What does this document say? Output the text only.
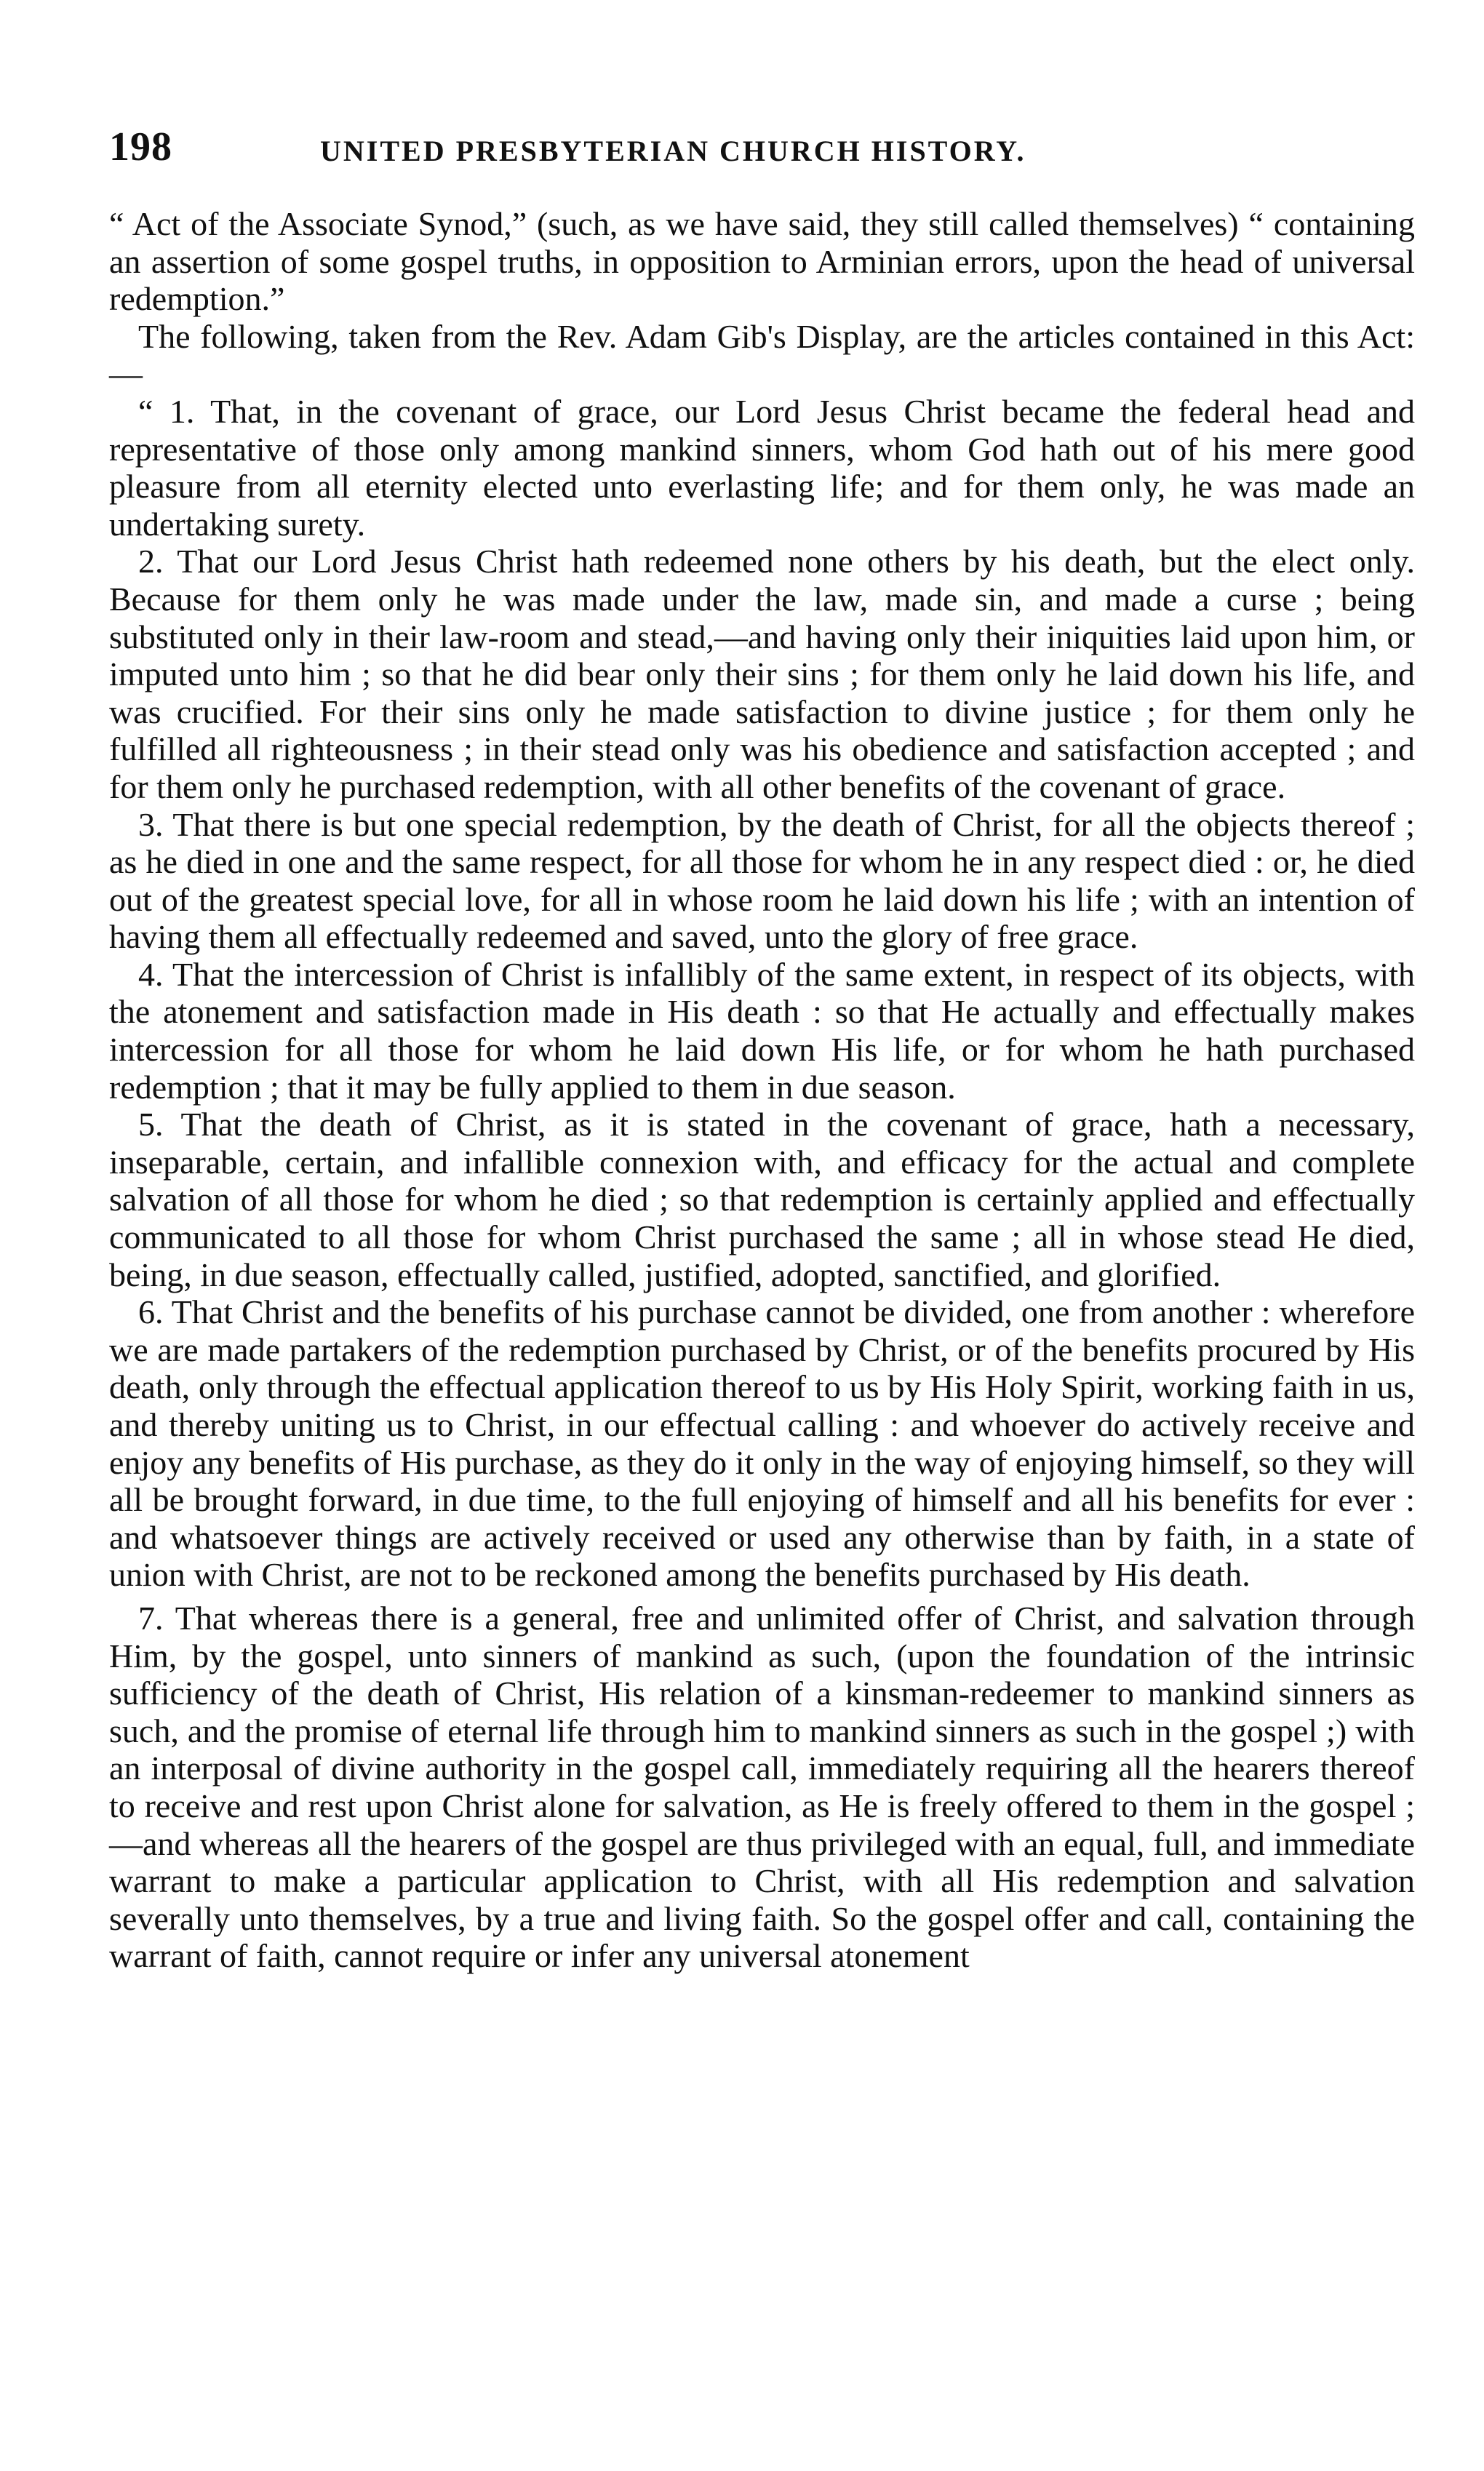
198	UNITED PRESBYTERIAN CHURCH HISTORY.

“ Act of the Associate Synod,” (such, as we have said, they still called themselves) “ containing an assertion of some gospel truths, in opposition to Arminian errors, upon the head of universal redemption.”

The following, taken from the Rev. Adam Gib's Display, are the articles contained in this Act:—

“ 1. That, in the covenant of grace, our Lord Jesus Christ became the federal head and representative of those only among mankind sinners, whom God hath out of his mere good pleasure from all eternity elected unto everlasting life; and for them only, he was made an undertaking surety.

2. That our Lord Jesus Christ hath redeemed none others by his death, but the elect only. Because for them only he was made under the law, made sin, and made a curse ; being substituted only in their law-room and stead,—and having only their iniquities laid upon him, or imputed unto him ; so that he did bear only their sins ; for them only he laid down his life, and was crucified. For their sins only he made satisfaction to divine justice ; for them only he fulfilled all righteousness ; in their stead only was his obedience and satisfaction accepted ; and for them only he purchased redemption, with all other benefits of the covenant of grace.

3. That there is but one special redemption, by the death of Christ, for all the objects thereof ; as he died in one and the same respect, for all those for whom he in any respect died : or, he died out of the greatest special love, for all in whose room he laid down his life ; with an intention of having them all effectually redeemed and saved, unto the glory of free grace.

4. That the intercession of Christ is infallibly of the same extent, in respect of its objects, with the atonement and satisfaction made in His death : so that He actually and effectually makes intercession for all those for whom he laid down His life, or for whom he hath purchased redemption ; that it may be fully applied to them in due season.

5. That the death of Christ, as it is stated in the covenant of grace, hath a necessary, inseparable, certain, and infallible connexion with, and efficacy for the actual and complete salvation of all those for whom he died ; so that redemption is certainly applied and effectually communicated to all those for whom Christ purchased the same ; all in whose stead He died, being, in due season, effectually called, justified, adopted, sanctified, and glorified.

6. That Christ and the benefits of his purchase cannot be divided, one from another : wherefore we are made partakers of the redemption purchased by Christ, or of the benefits procured by His death, only through the effectual application thereof to us by His Holy Spirit, working faith in us, and thereby uniting us to Christ, in our effectual calling : and whoever do actively receive and enjoy any benefits of His purchase, as they do it only in the way of enjoying himself, so they will all be brought forward, in due time, to the full enjoying of himself and all his benefits for ever : and whatsoever things are actively received or used any otherwise than by faith, in a state of union with Christ, are not to be reckoned among the benefits purchased by His death.

7. That whereas there is a general, free and unlimited offer of Christ, and salvation through Him, by the gospel, unto sinners of mankind as such, (upon the foundation of the intrinsic sufficiency of the death of Christ, His relation of a kinsman-redeemer to mankind sinners as such, and the promise of eternal life through him to mankind sinners as such in the gospel ;) with an interposal of divine authority in the gospel call, immediately requiring all the hearers thereof to receive and rest upon Christ alone for salvation, as He is freely offered to them in the gospel ;—and whereas all the hearers of the gospel are thus privileged with an equal, full, and immediate warrant to make a particular application to Christ, with all His redemption and salvation severally unto themselves, by a true and living faith. So the gospel offer and call, containing the warrant of faith, cannot require or infer any universal atonement
